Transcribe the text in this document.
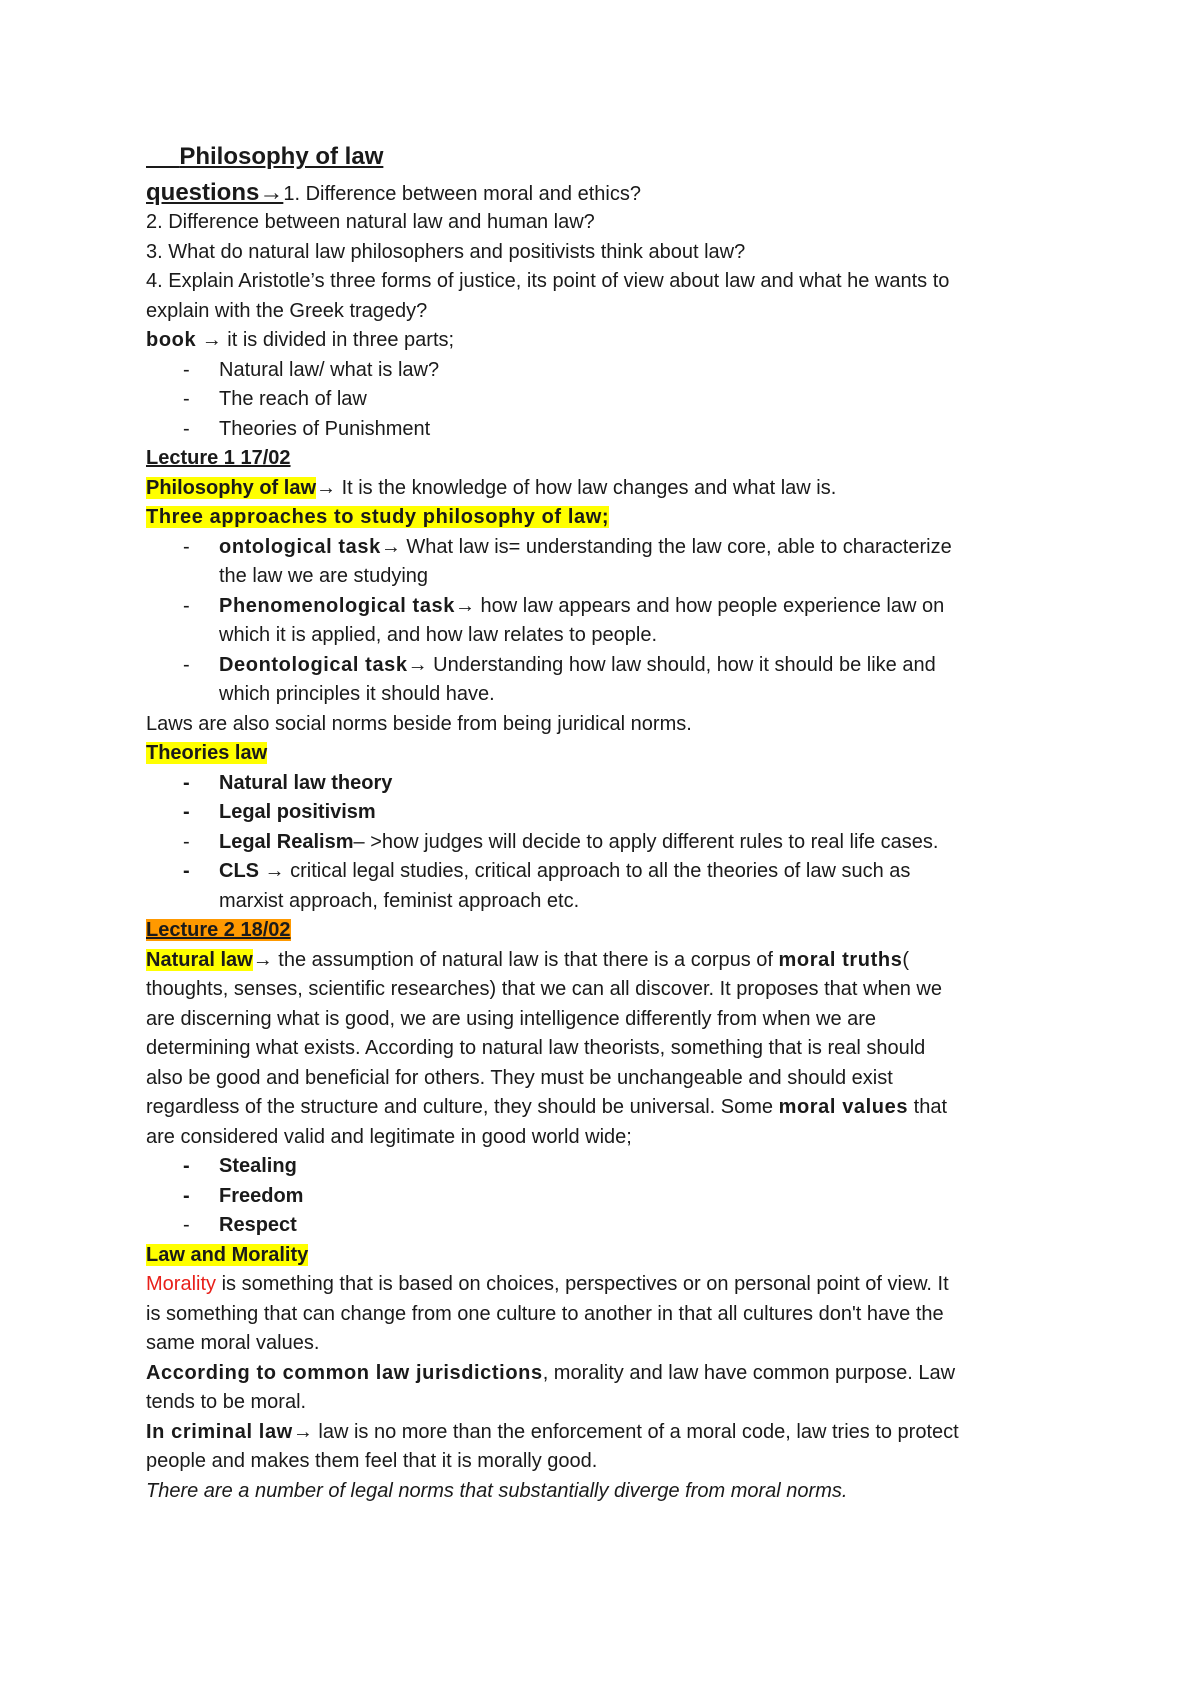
Philosophy of law
questions→1. Difference between moral and ethics?
2. Difference between natural law and human law?
3. What do natural law philosophers and positivists think about law?
4. Explain Aristotle’s three forms of justice, its point of view about law and what he wants to
explain with the Greek tragedy?
book → it is divided in three parts;
- Natural law/ what is law?
- The reach of law
- Theories of Punishment
Lecture 1 17/02
Philosophy of law→ It is the knowledge of how law changes and what law is.
Three approaches to study philosophy of law;
- ontological task→ What law is= understanding the law core, able to characterize
the law we are studying
- Phenomenological task→ how law appears and how people experience law on
which it is applied, and how law relates to people.
- Deontological task→ Understanding how law should, how it should be like and
which principles it should have.
Laws are also social norms beside from being juridical norms.
Theories law
- Natural law theory
- Legal positivism
- Legal Realism– >how judges will decide to apply different rules to real life cases.
- CLS → critical legal studies, critical approach to all the theories of law such as
marxist approach, feminist approach etc.
Lecture 2 18/02
Natural law→ the assumption of natural law is that there is a corpus of moral truths(
thoughts, senses, scientific researches) that we can all discover. It proposes that when we
are discerning what is good, we are using intelligence differently from when we are
determining what exists. According to natural law theorists, something that is real should
also be good and beneficial for others. They must be unchangeable and should exist
regardless of the structure and culture, they should be universal. Some moral values that
are considered valid and legitimate in good world wide;
- Stealing
- Freedom
- Respect
Law and Morality
Morality is something that is based on choices, perspectives or on personal point of view. It
is something that can change from one culture to another in that all cultures don't have the
same moral values.
According to common law jurisdictions, morality and law have common purpose. Law
tends to be moral.
In criminal law→ law is no more than the enforcement of a moral code, law tries to protect
people and makes them feel that it is morally good.
There are a number of legal norms that substantially diverge from moral norms.
